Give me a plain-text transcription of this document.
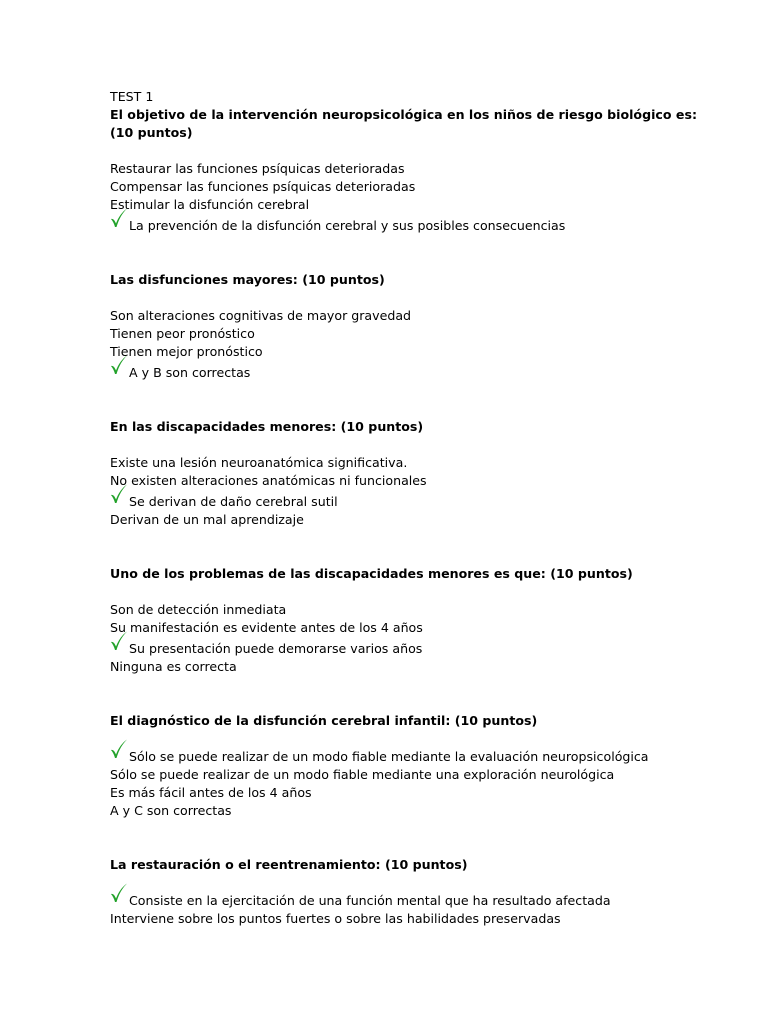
TEST 1
El objetivo de la intervención neuropsicológica en los niños de riesgo biológico es:
(10 puntos)
Restaurar las funciones psíquicas deterioradas
Compensar las funciones psíquicas deterioradas
Estimular la disfunción cerebral
La prevención de la disfunción cerebral y sus posibles consecuencias
Las disfunciones mayores: (10 puntos)
Son alteraciones cognitivas de mayor gravedad
Tienen peor pronóstico
Tienen mejor pronóstico
A y B son correctas
En las discapacidades menores: (10 puntos)
Existe una lesión neuroanatómica significativa.
No existen alteraciones anatómicas ni funcionales
Se derivan de daño cerebral sutil
Derivan de un mal aprendizaje
Uno de los problemas de las discapacidades menores es que: (10 puntos)
Son de detección inmediata
Su manifestación es evidente antes de los 4 años
Su presentación puede demorarse varios años
Ninguna es correcta
El diagnóstico de la disfunción cerebral infantil: (10 puntos)
Sólo se puede realizar de un modo fiable mediante la evaluación neuropsicológica
Sólo se puede realizar de un modo fiable mediante una exploración neurológica
Es más fácil antes de los 4 años
A y C son correctas
La restauración o el reentrenamiento: (10 puntos)
Consiste en la ejercitación de una función mental que ha resultado afectada
Interviene sobre los puntos fuertes o sobre las habilidades preservadas
